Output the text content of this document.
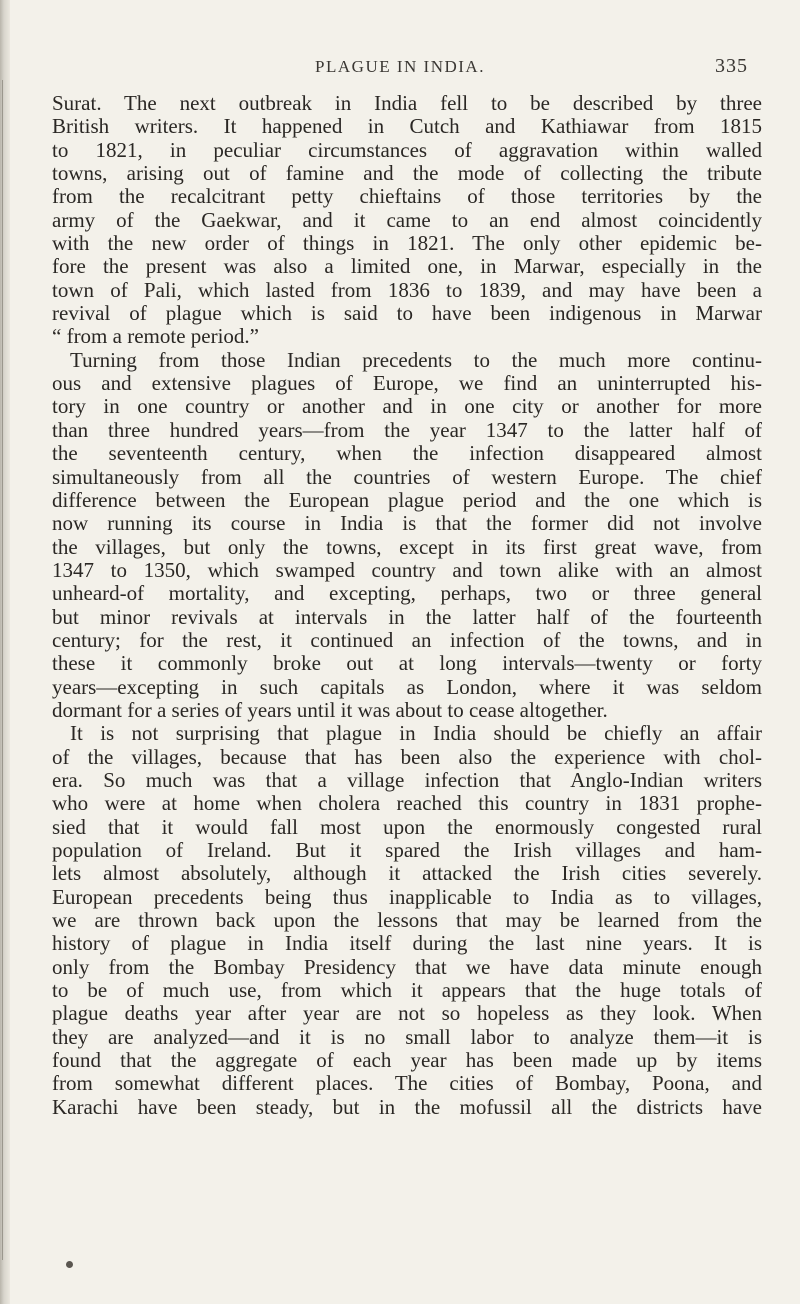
PLAGUE IN INDIA.	335
Surat. The next outbreak in India fell to be described by three
British writers. It happened in Cutch and Kathiawar from 1815
to 1821, in peculiar circumstances of aggravation within walled
towns, arising out of famine and the mode of collecting the tribute
from the recalcitrant petty chieftains of those territories by the
army of the Gaekwar, and it came to an end almost coincidently
with the new order of things in 1821. The only other epidemic be-
fore the present was also a limited one, in Marwar, especially in the
town of Pali, which lasted from 1836 to 1839, and may have been a
revival of plague which is said to have been indigenous in Marwar
“ from a remote period.”
Turning from those Indian precedents to the much more continu-
ous and extensive plagues of Europe, we find an uninterrupted his-
tory in one country or another and in one city or another for more
than three hundred years—from the year 1347 to the latter half of
the seventeenth century, when the infection disappeared almost
simultaneously from all the countries of western Europe. The chief
difference between the European plague period and the one which is
now running its course in India is that the former did not involve
the villages, but only the towns, except in its first great wave, from
1347 to 1350, which swamped country and town alike with an almost
unheard-of mortality, and excepting, perhaps, two or three general
but minor revivals at intervals in the latter half of the fourteenth
century; for the rest, it continued an infection of the towns, and in
these it commonly broke out at long intervals—twenty or forty
years—excepting in such capitals as London, where it was seldom
dormant for a series of years until it was about to cease altogether.
It is not surprising that plague in India should be chiefly an affair
of the villages, because that has been also the experience with chol-
era. So much was that a village infection that Anglo-Indian writers
who were at home when cholera reached this country in 1831 prophe-
sied that it would fall most upon the enormously congested rural
population of Ireland. But it spared the Irish villages and ham-
lets almost absolutely, although it attacked the Irish cities severely.
European precedents being thus inapplicable to India as to villages,
we are thrown back upon the lessons that may be learned from the
history of plague in India itself during the last nine years. It is
only from the Bombay Presidency that we have data minute enough
to be of much use, from which it appears that the huge totals of
plague deaths year after year are not so hopeless as they look. When
they are analyzed—and it is no small labor to analyze them—it is
found that the aggregate of each year has been made up by items
from somewhat different places. The cities of Bombay, Poona, and
Karachi have been steady, but in the mofussil all the districts have
